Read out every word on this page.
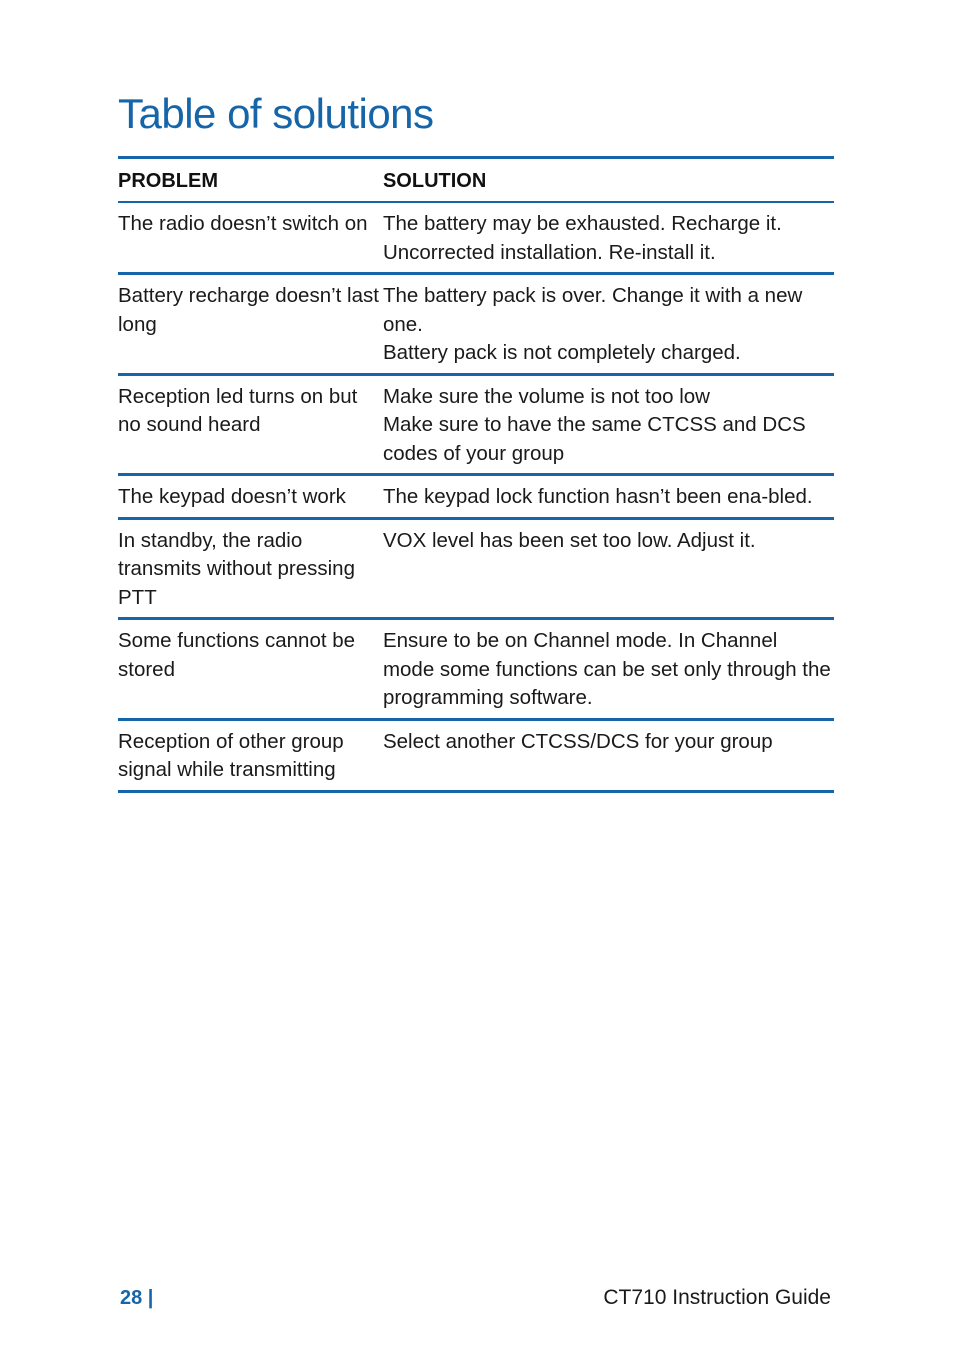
Table of solutions
PROBLEM	SOLUTION
The radio doesn’t switch on	The battery may be exhausted. Recharge it.
Uncorrected installation. Re-install it.

Battery recharge doesn’t last long	The battery pack is over. Change it with a new one.
Battery pack is not completely charged.

Reception led turns on but no sound heard	Make sure the volume is not too low
Make sure to have the same CTCSS and DCS codes of your group

The keypad doesn’t work	The keypad lock function hasn’t been ena-bled.

In standby, the radio transmits without pressing PTT	VOX level has been set too low. Adjust it.

Some functions cannot be stored	Ensure to be on Channel mode. In Channel mode some functions can be set only through the programming software.

Reception of other group signal while transmitting	Select another CTCSS/DCS for your group
28 |	CT710 Instruction Guide
